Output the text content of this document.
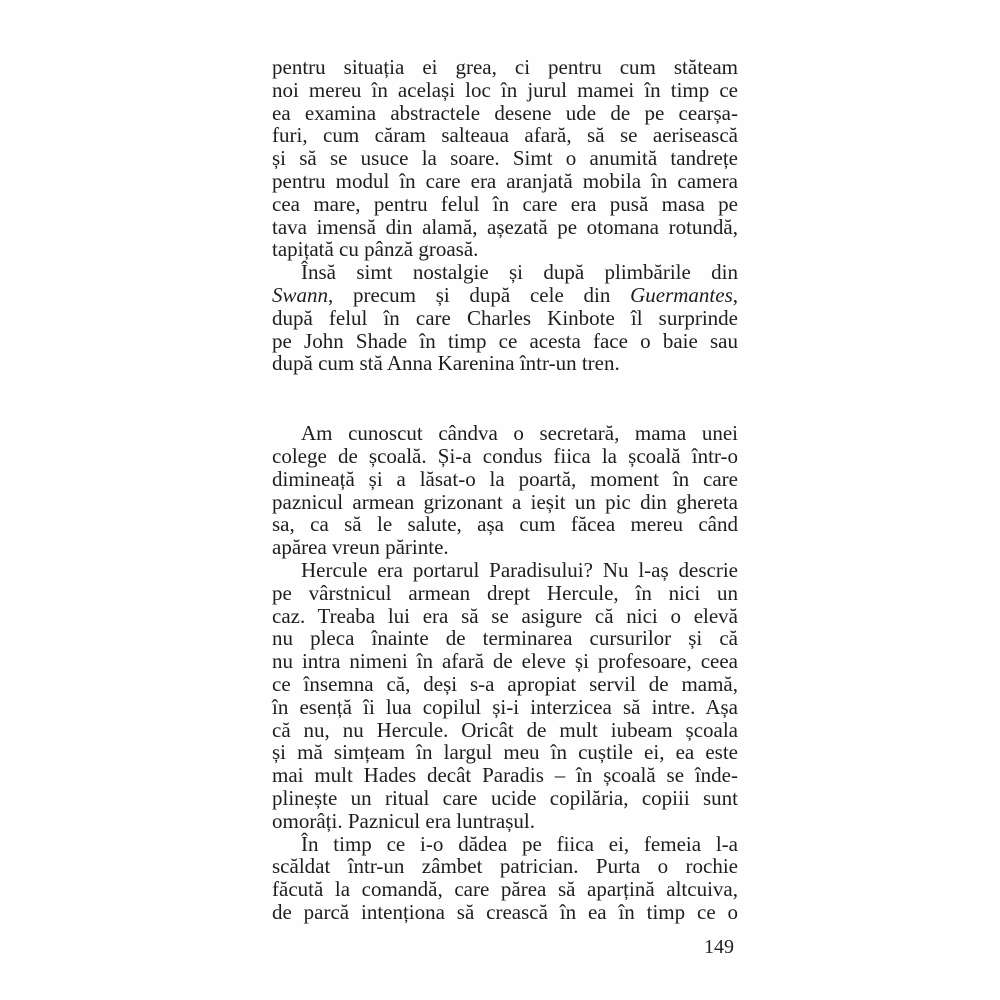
pentru situația ei grea, ci pentru cum stăteam
noi mereu în același loc în jurul mamei în timp ce
ea examina abstractele desene ude de pe cearșa-
furi, cum căram salteaua afară, să se aerisească
și să se usuce la soare. Simt o anumită tandrețe
pentru modul în care era aranjată mobila în camera
cea mare, pentru felul în care era pusă masa pe
tava imensă din alamă, așezată pe otomana rotundă,
tapițată cu pânză groasă.
Însă simt nostalgie și după plimbările din
Swann, precum și după cele din Guermantes,
după felul în care Charles Kinbote îl surprinde
pe John Shade în timp ce acesta face o baie sau
după cum stă Anna Karenina într-un tren.
Am cunoscut cândva o secretară, mama unei
colege de școală. Și-a condus fiica la școală într-o
dimineață și a lăsat-o la poartă, moment în care
paznicul armean grizonant a ieșit un pic din ghereta
sa, ca să le salute, așa cum făcea mereu când
apărea vreun părinte.
Hercule era portarul Paradisului? Nu l-aș descrie
pe vârstnicul armean drept Hercule, în nici un
caz. Treaba lui era să se asigure că nici o elevă
nu pleca înainte de terminarea cursurilor și că
nu intra nimeni în afară de eleve și profesoare, ceea
ce însemna că, deși s-a apropiat servil de mamă,
în esență îi lua copilul și-i interzicea să intre. Așa
că nu, nu Hercule. Oricât de mult iubeam școala
și mă simțeam în largul meu în cuștile ei, ea este
mai mult Hades decât Paradis – în școală se înde-
plinește un ritual care ucide copilăria, copiii sunt
omorâți. Paznicul era luntrașul.
În timp ce i-o dădea pe fiica ei, femeia l-a
scăldat într-un zâmbet patrician. Purta o rochie
făcută la comandă, care părea să aparțină altcuiva,
de parcă intenționa să crească în ea în timp ce o
149
